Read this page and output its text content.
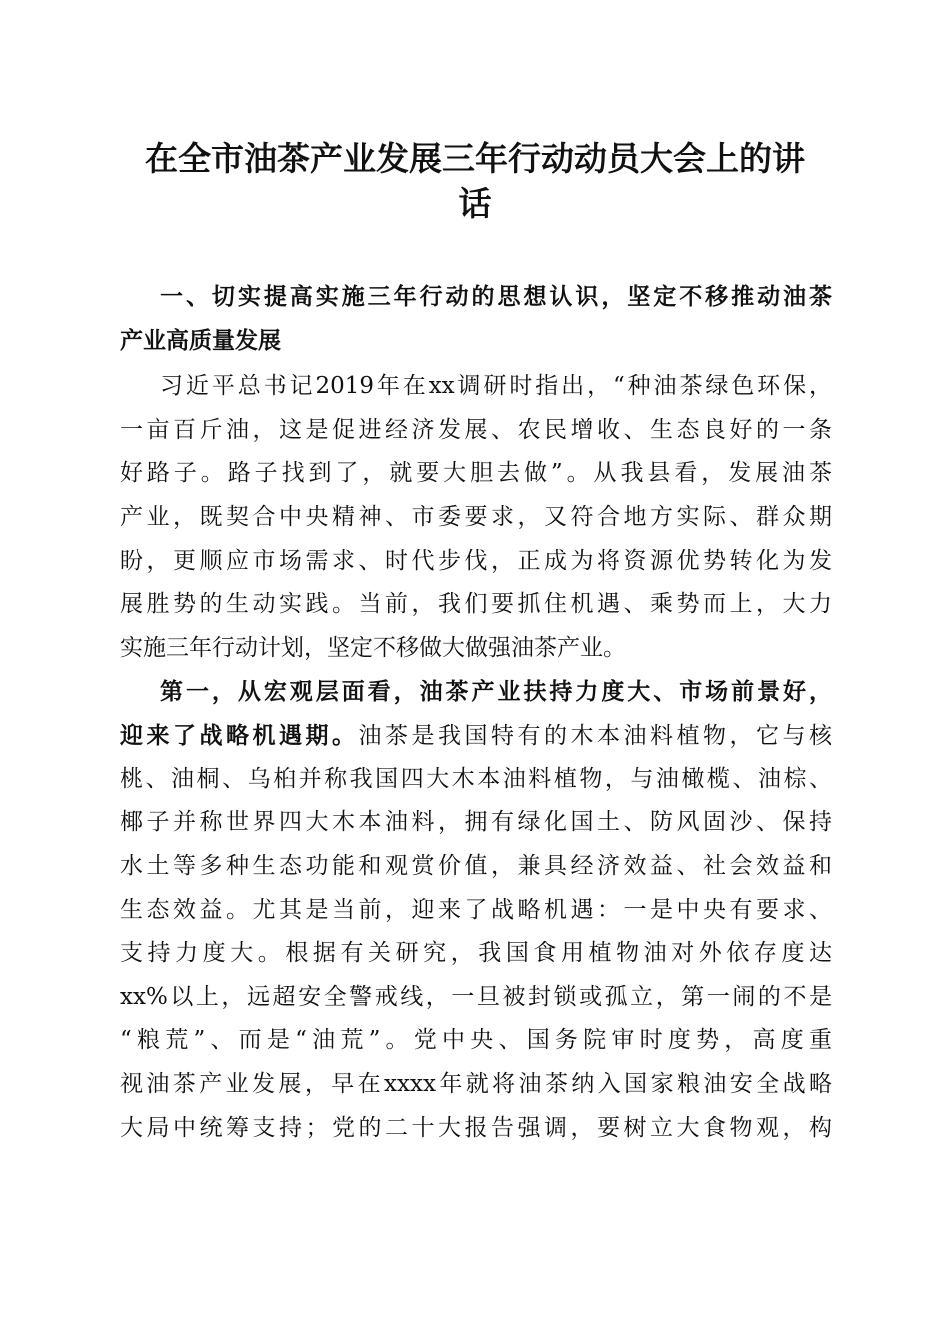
在全市油茶产业发展三年行动动员大会上的讲
话
一、切实提高实施三年行动的思想认识，坚定不移推动油茶
产业高质量发展
习近平总书记2019年在xx调研时指出，“种油茶绿色环保，
一亩百斤油，这是促进经济发展、农民增收、生态良好的一条
好路子。路子找到了，就要大胆去做”。从我县看，发展油茶
产业，既契合中央精神、市委要求，又符合地方实际、群众期
盼，更顺应市场需求、时代步伐，正成为将资源优势转化为发
展胜势的生动实践。当前，我们要抓住机遇、乘势而上，大力
实施三年行动计划，坚定不移做大做强油茶产业。
第一，从宏观层面看，油茶产业扶持力度大、市场前景好，
迎来了战略机遇期。油茶是我国特有的木本油料植物，它与核
桃、油桐、乌桕并称我国四大木本油料植物，与油橄榄、油棕、
椰子并称世界四大木本油料，拥有绿化国土、防风固沙、保持
水土等多种生态功能和观赏价值，兼具经济效益、社会效益和
生态效益。尤其是当前，迎来了战略机遇：一是中央有要求、
支持力度大。根据有关研究，我国食用植物油对外依存度达
xx%以上，远超安全警戒线，一旦被封锁或孤立，第一闹的不是
“粮荒”、而是“油荒”。党中央、国务院审时度势，高度重
视油茶产业发展，早在xxxx年就将油茶纳入国家粮油安全战略
大局中统筹支持；党的二十大报告强调，要树立大食物观，构
